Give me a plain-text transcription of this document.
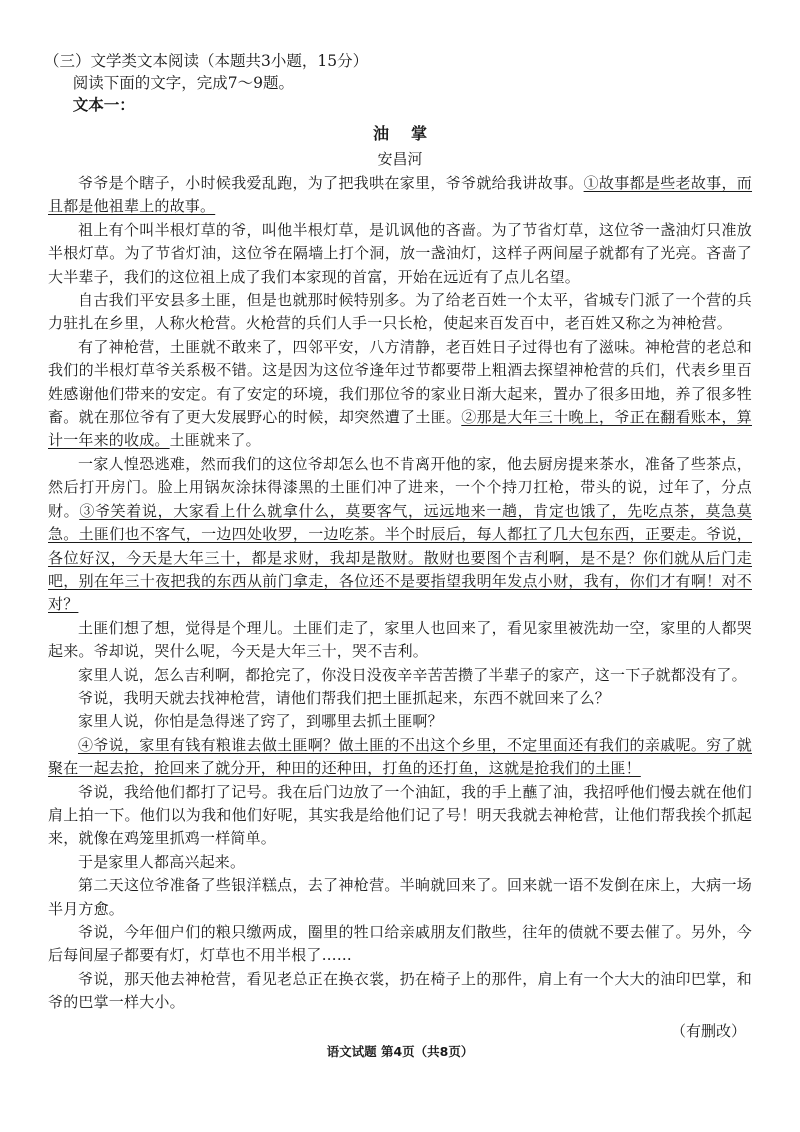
（三）文学类文本阅读（本题共3小题，15分）

阅读下面的文字，完成7～9题。

文本一：

油掌
安昌河

爷爷是个瞎子，小时候我爱乱跑，为了把我哄在家里，爷爷就给我讲故事。①故事都是些老故事，而且都是他祖辈上的故事。

祖上有个叫半根灯草的爷，叫他半根灯草，是讥讽他的吝啬。为了节省灯草，这位爷一盏油灯只准放半根灯草。为了节省灯油，这位爷在隔墙上打个洞，放一盏油灯，这样子两间屋子就都有了光亮。吝啬了大半辈子，我们的这位祖上成了我们本家现的首富，开始在远近有了点儿名望。

自古我们平安县多土匪，但是也就那时候特别多。为了给老百姓一个太平，省城专门派了一个营的兵力驻扎在乡里，人称火枪营。火枪营的兵们人手一只长枪，使起来百发百中，老百姓又称之为神枪营。

有了神枪营，土匪就不敢来了，四邻平安，八方清静，老百姓日子过得也有了滋味。神枪营的老总和我们的半根灯草爷关系极不错。这是因为这位爷逢年过节都要带上粗酒去探望神枪营的兵们，代表乡里百姓感谢他们带来的安定。有了安定的环境，我们那位爷的家业日渐大起来，置办了很多田地，养了很多牲畜。就在那位爷有了更大发展野心的时候，却突然遭了土匪。②那是大年三十晚上，爷正在翻看账本，算计一年来的收成。土匪就来了。

一家人惶恐逃难，然而我们的这位爷却怎么也不肯离开他的家，他去厨房提来茶水，准备了些茶点，然后打开房门。脸上用锅灰涂抹得漆黑的土匪们冲了进来，一个个持刀扛枪，带头的说，过年了，分点财。③爷笑着说，大家看上什么就拿什么，莫要客气，远远地来一趟，肯定也饿了，先吃点茶，莫急莫急。土匪们也不客气，一边四处收罗，一边吃茶。半个时辰后，每人都扛了几大包东西，正要走。爷说，各位好汉，今天是大年三十，都是求财，我却是散财。散财也要图个吉利啊，是不是？你们就从后门走吧，别在年三十夜把我的东西从前门拿走，各位还不是要指望我明年发点小财，我有，你们才有啊！对不对？

土匪们想了想，觉得是个理儿。土匪们走了，家里人也回来了，看见家里被洗劫一空，家里的人都哭起来。爷却说，哭什么呢，今天是大年三十，哭不吉利。

家里人说，怎么吉利啊，都抢完了，你没日没夜辛辛苦苦攒了半辈子的家产，这一下子就都没有了。

爷说，我明天就去找神枪营，请他们帮我们把土匪抓起来，东西不就回来了么？

家里人说，你怕是急得迷了窍了，到哪里去抓土匪啊？

④爷说，家里有钱有粮谁去做土匪啊？做土匪的不出这个乡里，不定里面还有我们的亲戚呢。穷了就聚在一起去抢，抢回来了就分开，种田的还种田，打鱼的还打鱼，这就是抢我们的土匪！

爷说，我给他们都打了记号。我在后门边放了一个油缸，我的手上蘸了油，我招呼他们慢去就在他们肩上拍一下。他们以为我和他们好呢，其实我是给他们记了号！明天我就去神枪营，让他们帮我挨个抓起来，就像在鸡笼里抓鸡一样简单。

于是家里人都高兴起来。

第二天这位爷准备了些银洋糕点，去了神枪营。半晌就回来了。回来就一语不发倒在床上，大病一场半月方愈。

爷说，今年佃户们的粮只缴两成，圈里的牲口给亲戚朋友们散些，往年的债就不要去催了。另外，今后每间屋子都要有灯，灯草也不用半根了……

爷说，那天他去神枪营，看见老总正在换衣裳，扔在椅子上的那件，肩上有一个大大的油印巴掌，和爷的巴掌一样大小。

（有删改）

语文试题 第4页（共8页）
